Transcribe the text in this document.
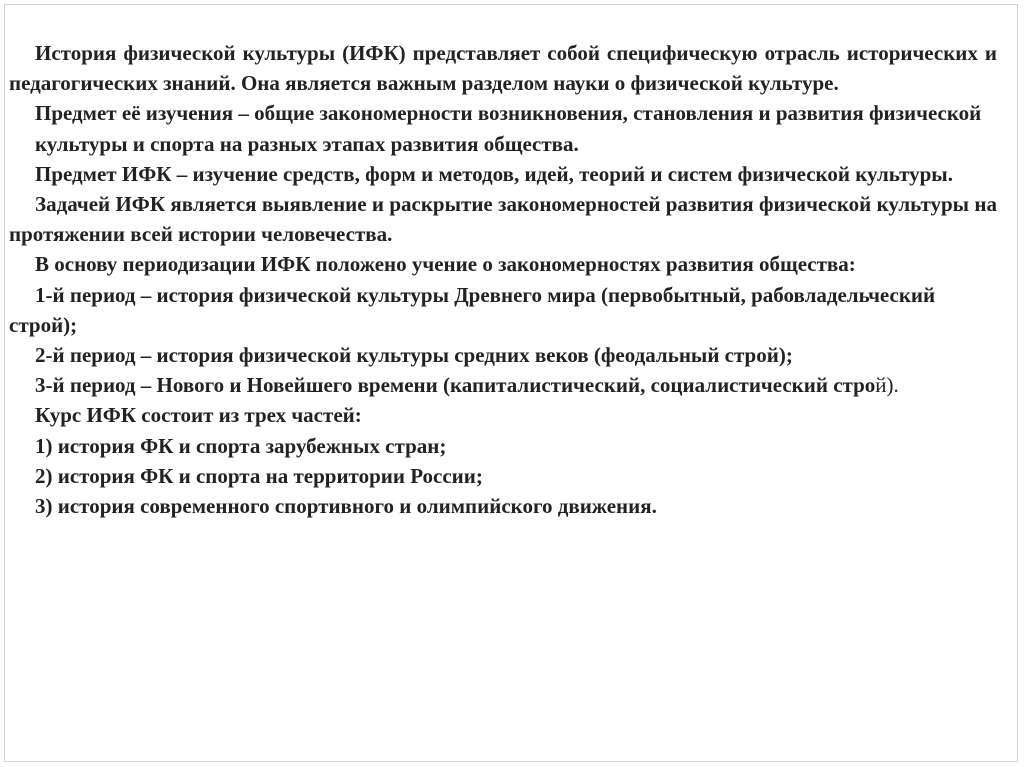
История физической культуры (ИФК) представляет собой специфическую отрасль исторических и педагогических знаний. Она является важным разделом науки о физической культуре.

Предмет её изучения – общие закономерности возникновения, становления и развития физической

культуры и спорта на разных этапах развития общества.

Предмет ИФК – изучение средств, форм и методов, идей, теорий и систем физической культуры.

Задачей ИФК является выявление и раскрытие закономерностей развития физической культуры на протяжении всей истории человечества.

В основу периодизации ИФК положено учение о закономерностях развития общества:

1-й период – история физической культуры Древнего мира (первобытный, рабовладельческий строй);

2-й период – история физической культуры средних веков (феодальный строй);

3-й период – Нового и Новейшего времени (капиталистический, социалистический строй).

Курс ИФК состоит из трех частей:

1) история ФК и спорта зарубежных стран;

2) история ФК и спорта на территории России;

3) история современного спортивного и олимпийского движения.
